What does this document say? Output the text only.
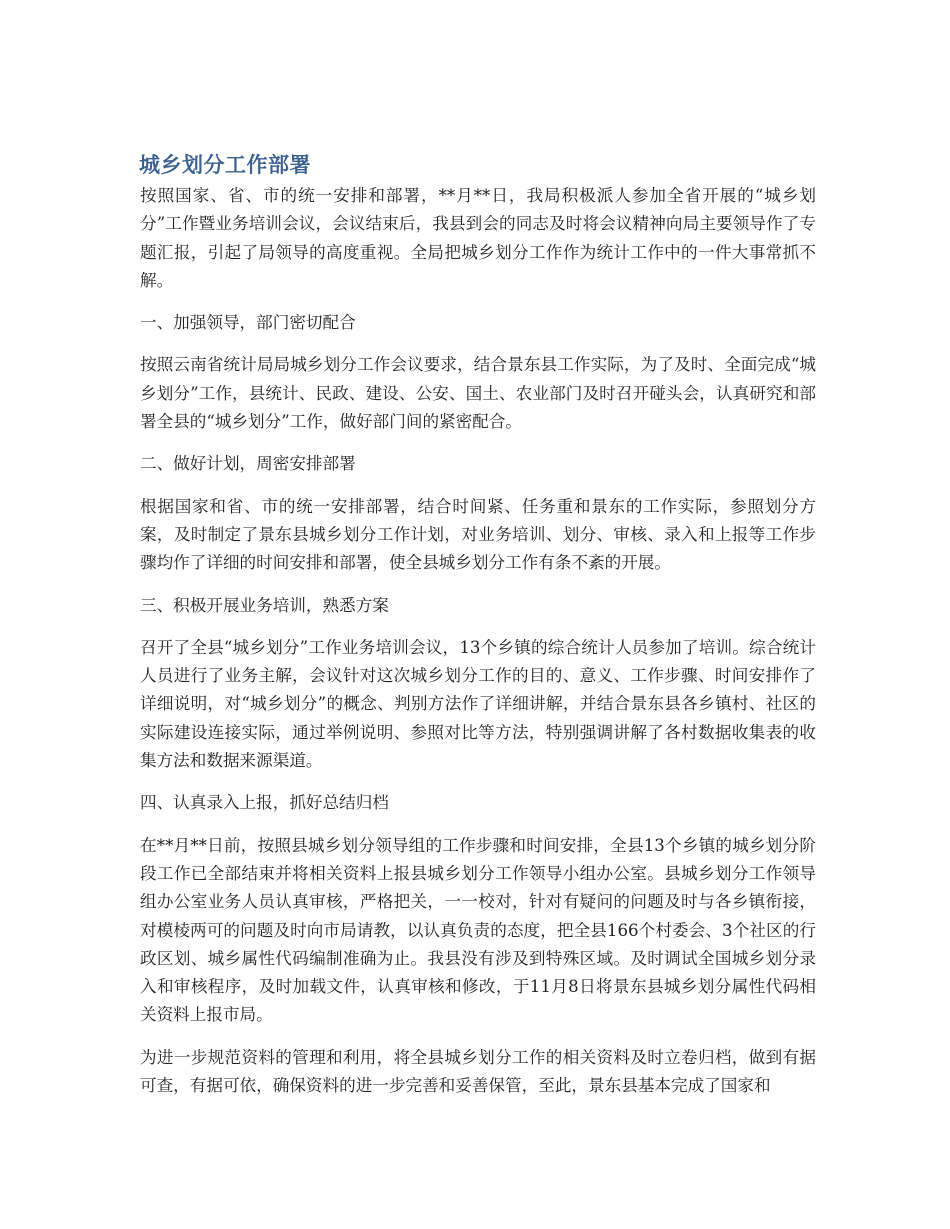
城乡划分工作部署

按照国家、省、市的统一安排和部署，**月**日，我局积极派人参加全省开展的“城乡划分”工作暨业务培训会议，会议结束后，我县到会的同志及时将会议精神向局主要领导作了专题汇报，引起了局领导的高度重视。全局把城乡划分工作作为统计工作中的一件大事常抓不解。

一、加强领导，部门密切配合

按照云南省统计局局城乡划分工作会议要求，结合景东县工作实际，为了及时、全面完成“城乡划分”工作，县统计、民政、建设、公安、国土、农业部门及时召开碰头会，认真研究和部署全县的“城乡划分”工作，做好部门间的紧密配合。

二、做好计划，周密安排部署

根据国家和省、市的统一安排部署，结合时间紧、任务重和景东的工作实际，参照划分方案，及时制定了景东县城乡划分工作计划，对业务培训、划分、审核、录入和上报等工作步骤均作了详细的时间安排和部署，使全县城乡划分工作有条不紊的开展。

三、积极开展业务培训，熟悉方案

召开了全县“城乡划分”工作业务培训会议，13个乡镇的综合统计人员参加了培训。综合统计人员进行了业务主解，会议针对这次城乡划分工作的目的、意义、工作步骤、时间安排作了详细说明，对“城乡划分”的概念、判别方法作了详细讲解，并结合景东县各乡镇村、社区的实际建设连接实际，通过举例说明、参照对比等方法，特别强调讲解了各村数据收集表的收集方法和数据来源渠道。

四、认真录入上报，抓好总结归档

在**月**日前，按照县城乡划分领导组的工作步骤和时间安排，全县13个乡镇的城乡划分阶段工作已全部结束并将相关资料上报县城乡划分工作领导小组办公室。县城乡划分工作领导组办公室业务人员认真审核，严格把关，一一校对，针对有疑问的问题及时与各乡镇衔接，对模棱两可的问题及时向市局请教，以认真负责的态度，把全县166个村委会、3个社区的行政区划、城乡属性代码编制准确为止。我县没有涉及到特殊区域。及时调试全国城乡划分录入和审核程序，及时加载文件，认真审核和修改，于11月8日将景东县城乡划分属性代码相关资料上报市局。

为进一步规范资料的管理和利用，将全县城乡划分工作的相关资料及时立卷归档，做到有据可查，有据可依，确保资料的进一步完善和妥善保管，至此，景东县基本完成了国家和
